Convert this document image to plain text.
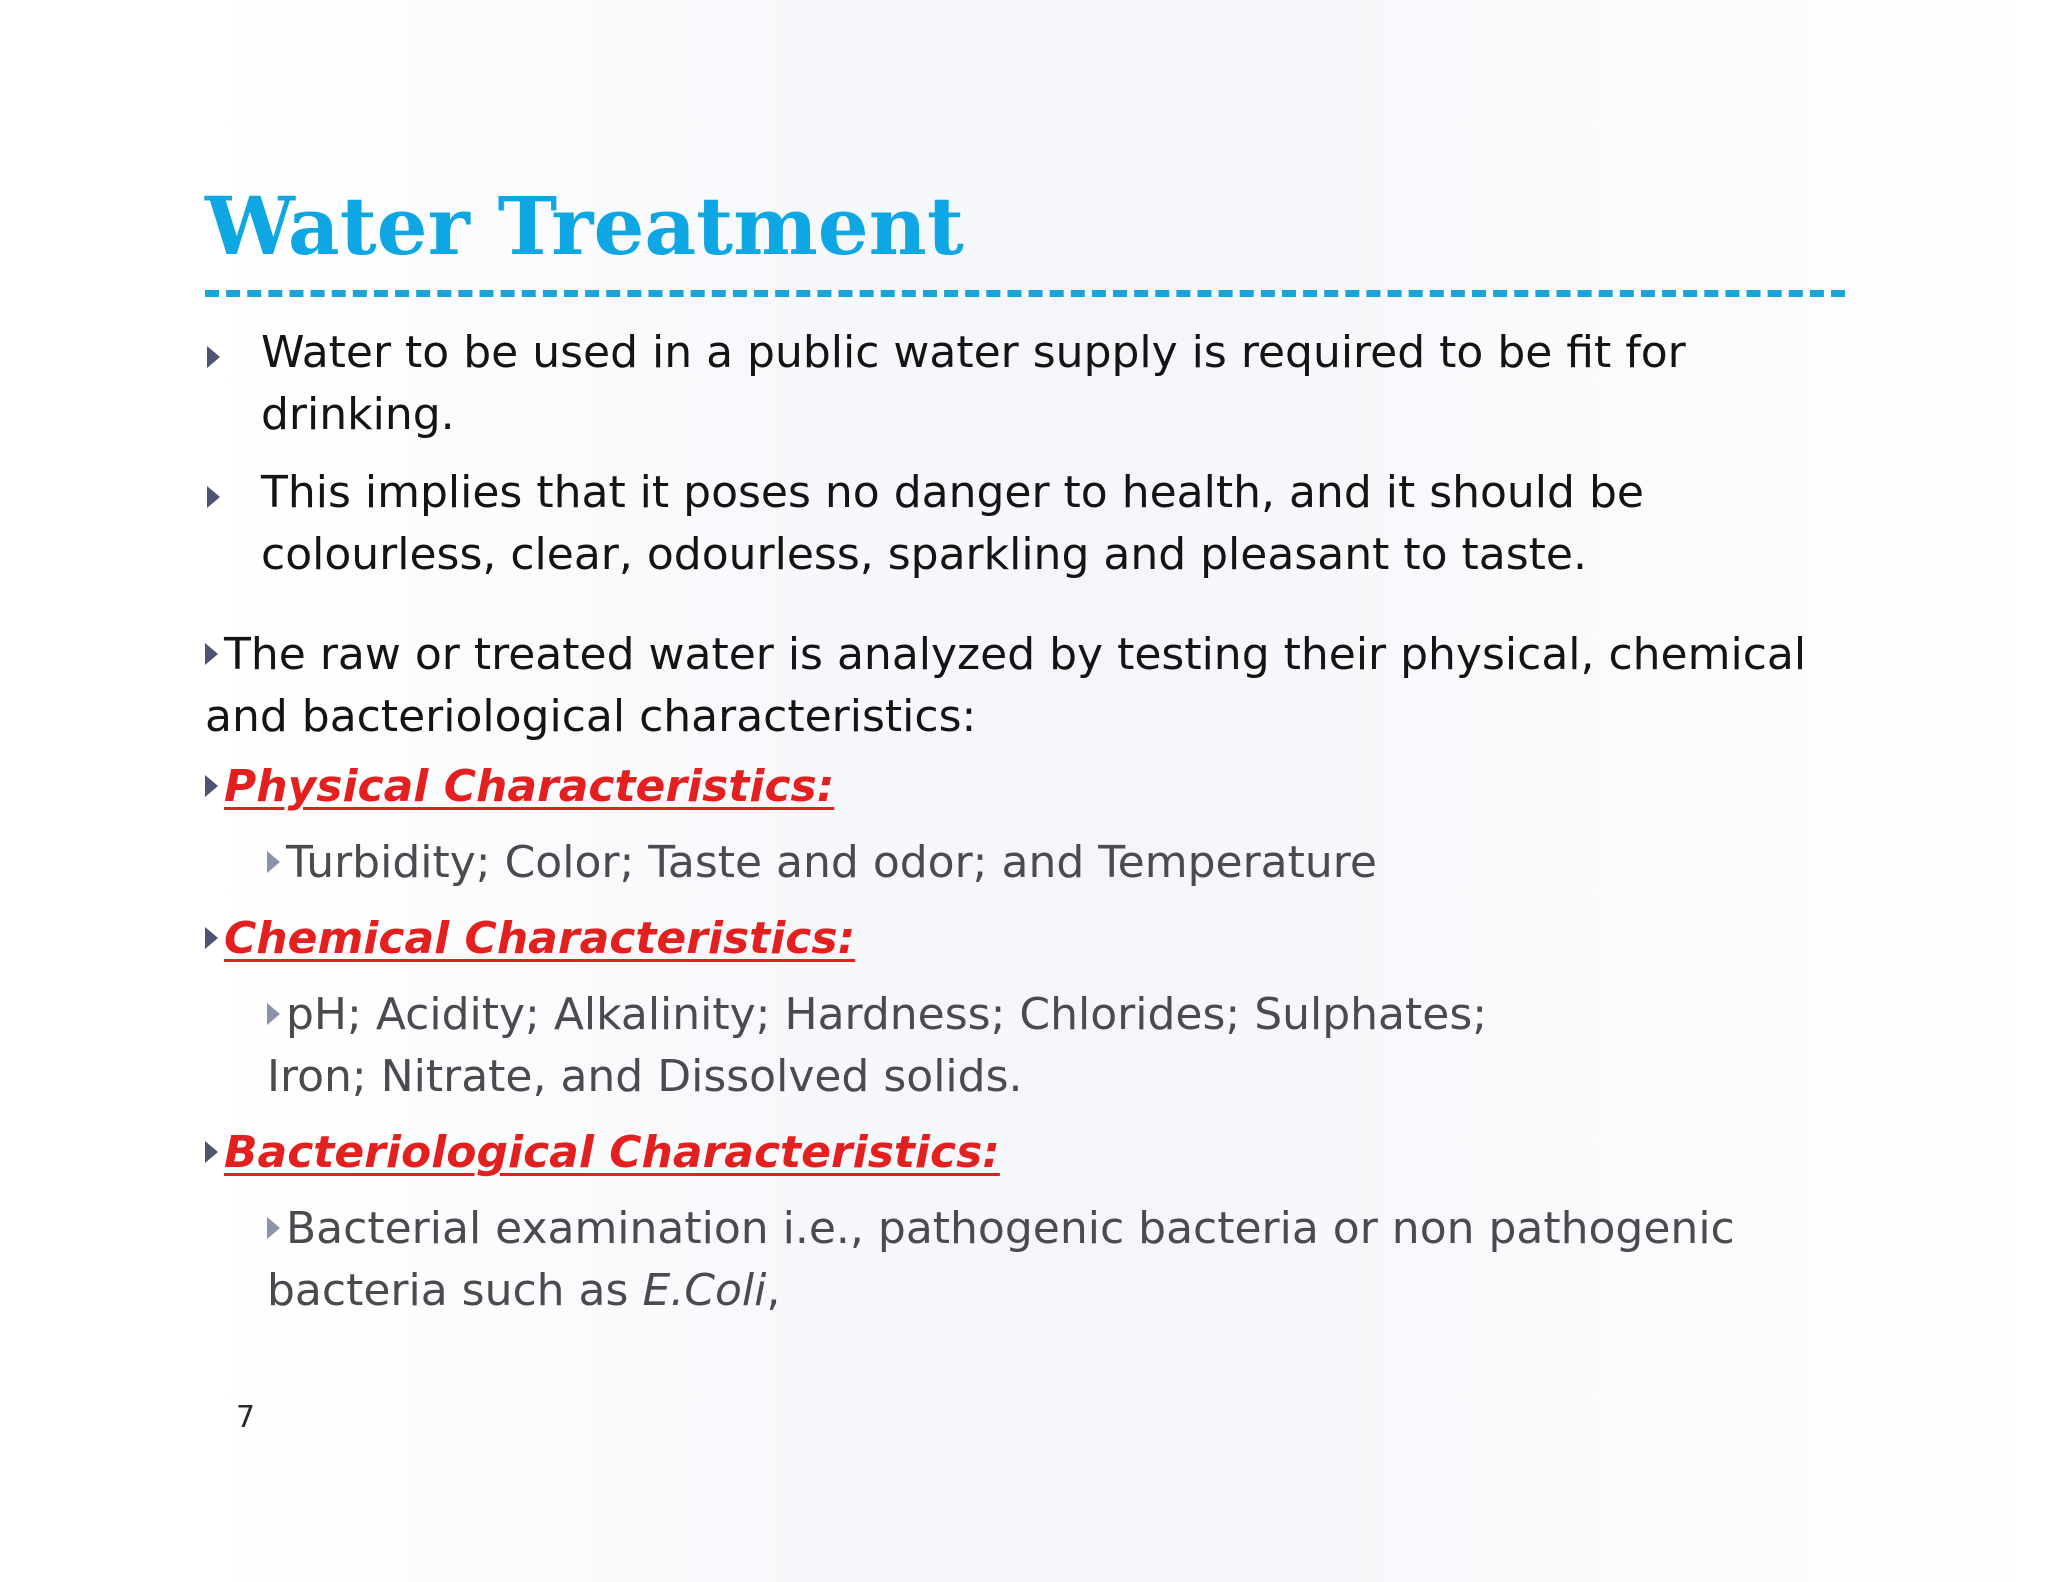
Water Treatment
Water to be used in a public water supply is required to be fit for drinking.
This implies that it poses no danger to health, and it should be colourless, clear, odourless, sparkling and pleasant to taste.

The raw or treated water is analyzed by testing their physical, chemical and bacteriological characteristics:

Physical Characteristics:

Turbidity; Color; Taste and odor; and Temperature

Chemical Characteristics:

pH; Acidity; Alkalinity; Hardness; Chlorides; Sulphates; Iron; Nitrate, and Dissolved solids.

Bacteriological Characteristics:

Bacterial examination i.e., pathogenic bacteria or non pathogenic bacteria such as E.Coli,

7
